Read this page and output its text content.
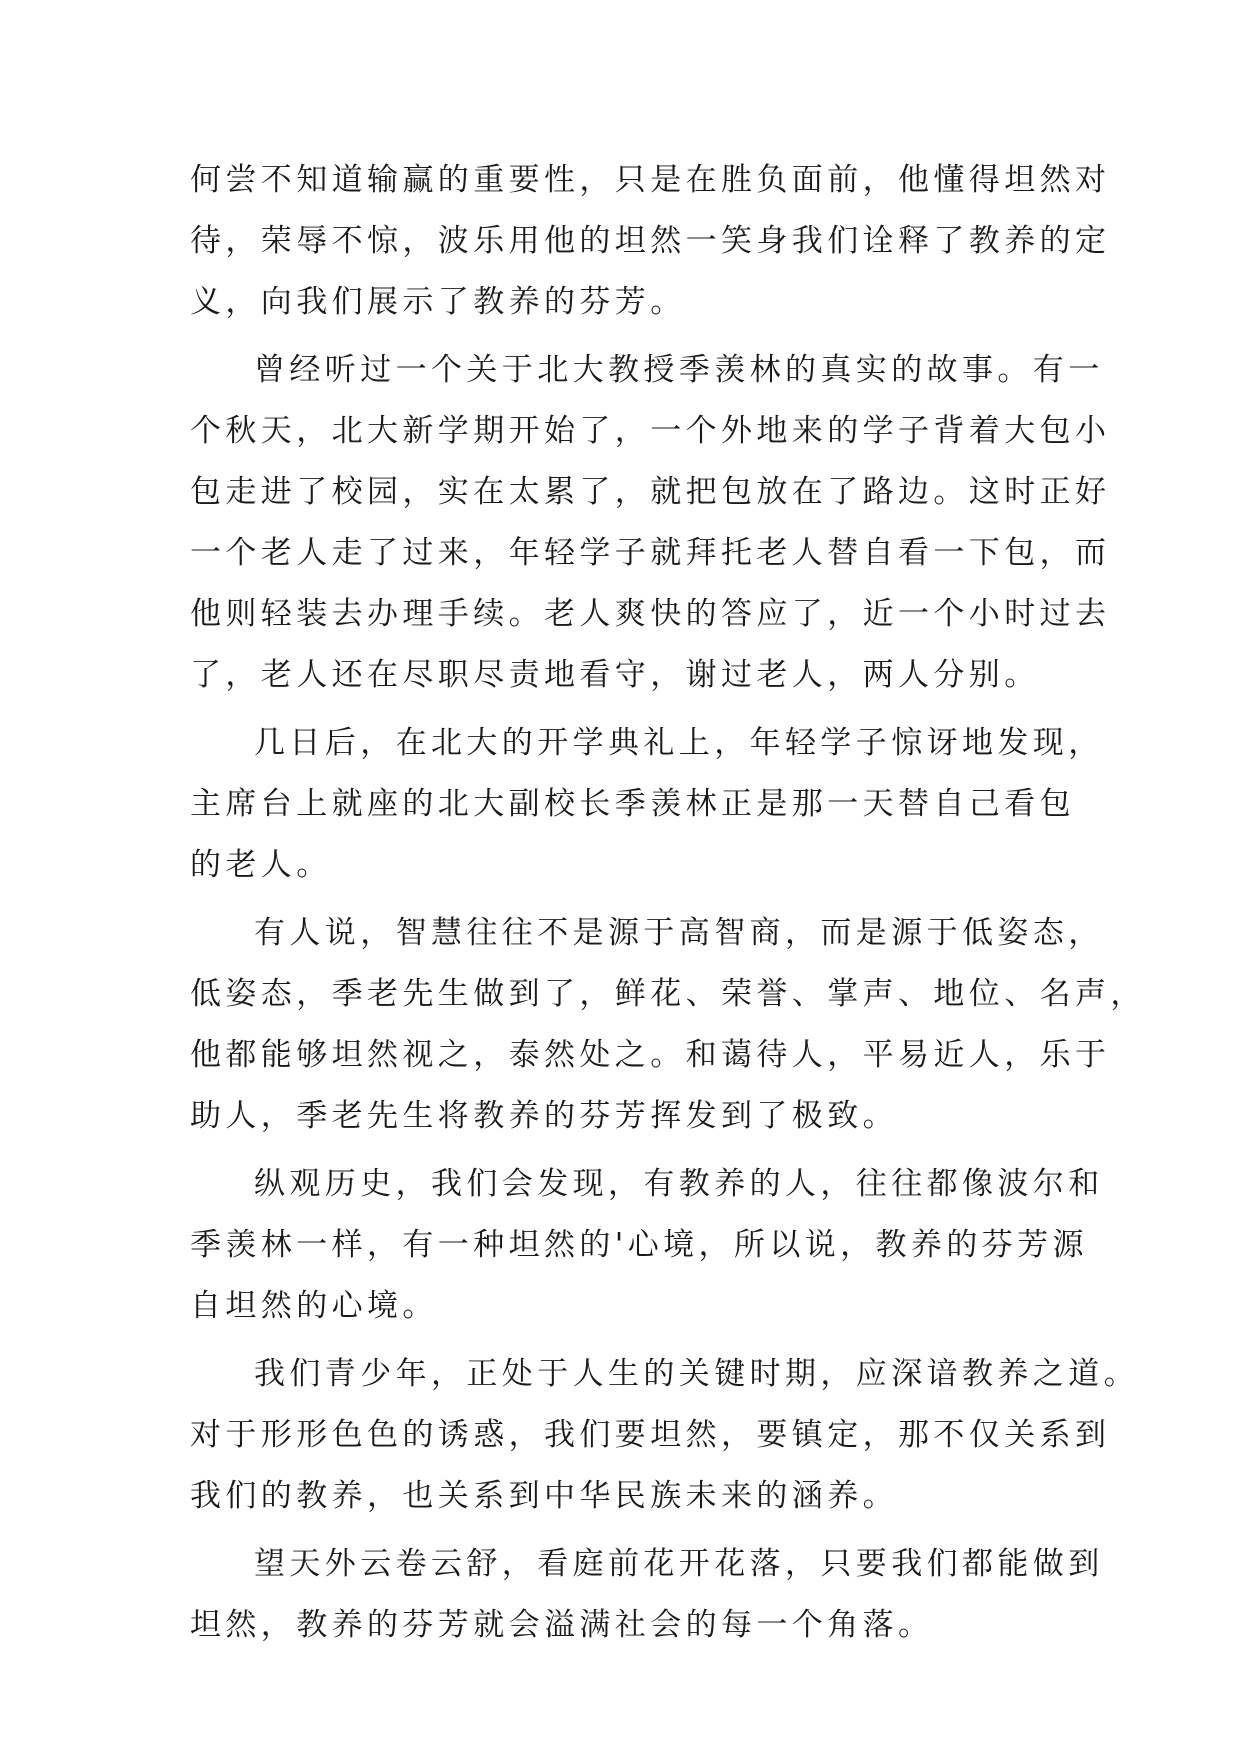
何尝不知道输赢的重要性，只是在胜负面前，他懂得坦然对
待，荣辱不惊，波乐用他的坦然一笑身我们诠释了教养的定
义，向我们展示了教养的芬芳。
曾经听过一个关于北大教授季羡林的真实的故事。有一
个秋天，北大新学期开始了，一个外地来的学子背着大包小
包走进了校园，实在太累了，就把包放在了路边。这时正好
一个老人走了过来，年轻学子就拜托老人替自看一下包，而
他则轻装去办理手续。老人爽快的答应了，近一个小时过去
了，老人还在尽职尽责地看守，谢过老人，两人分别。
几日后，在北大的开学典礼上，年轻学子惊讶地发现，
主席台上就座的北大副校长季羡林正是那一天替自己看包
的老人。
有人说，智慧往往不是源于高智商，而是源于低姿态，
低姿态，季老先生做到了，鲜花、荣誉、掌声、地位、名声，
他都能够坦然视之，泰然处之。和蔼待人，平易近人，乐于
助人，季老先生将教养的芬芳挥发到了极致。
纵观历史，我们会发现，有教养的人，往往都像波尔和
季羡林一样，有一种坦然的'心境，所以说，教养的芬芳源
自坦然的心境。
我们青少年，正处于人生的关键时期，应深谙教养之道。
对于形形色色的诱惑，我们要坦然，要镇定，那不仅关系到
我们的教养，也关系到中华民族未来的涵养。
望天外云卷云舒，看庭前花开花落，只要我们都能做到
坦然，教养的芬芳就会溢满社会的每一个角落。
